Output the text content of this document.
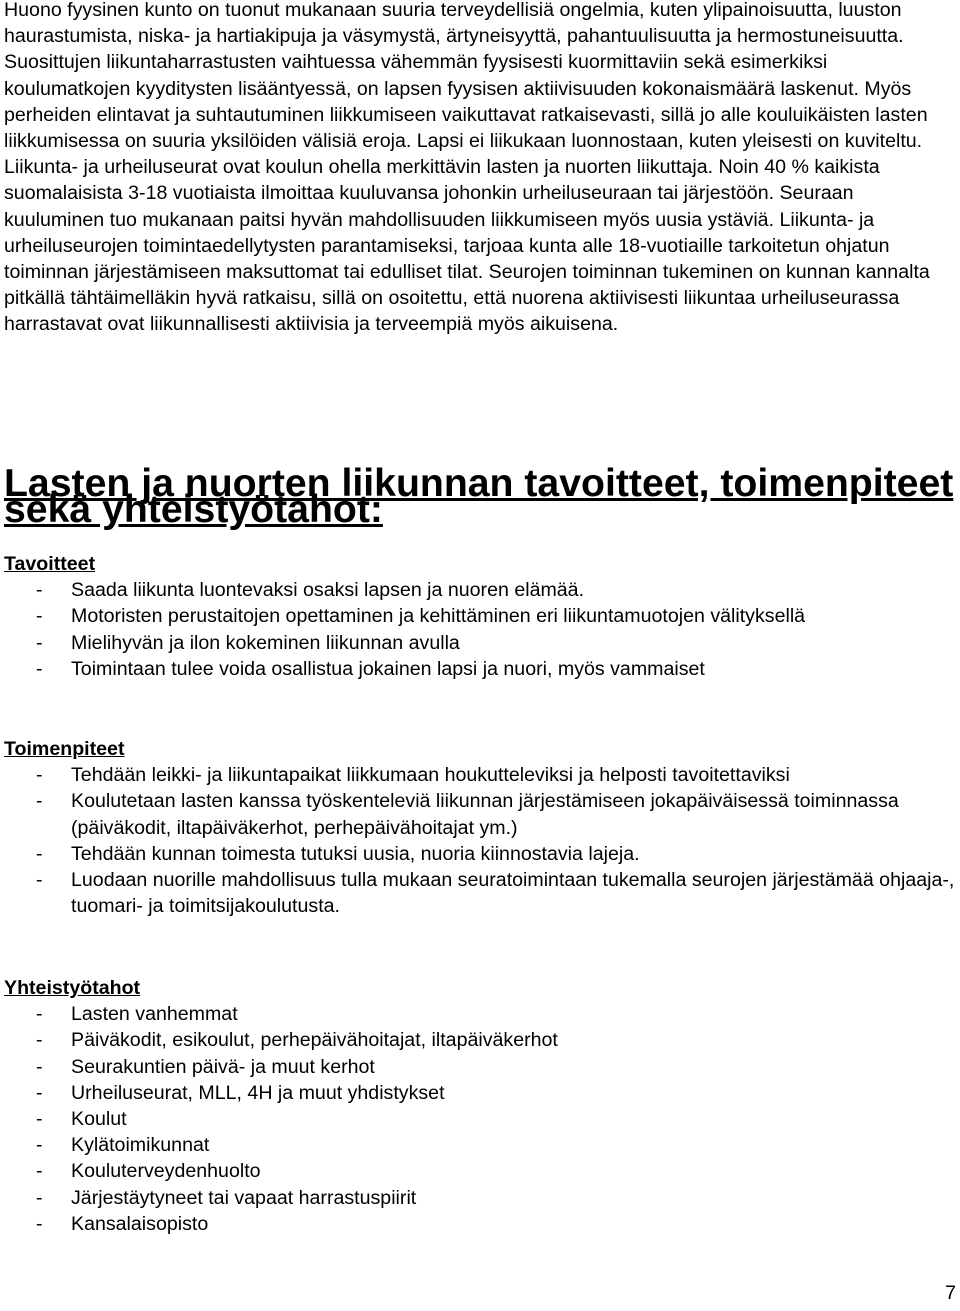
Huono fyysinen kunto on tuonut mukanaan suuria terveydellisiä ongelmia, kuten ylipainoisuutta, luuston haurastumista, niska- ja hartiakipuja ja väsymystä, ärtyneisyyttä, pahantuulisuutta ja hermostuneisuutta. Suosittujen liikuntaharrastusten vaihtuessa vähemmän fyysisesti kuormittaviin sekä esimerkiksi koulumatkojen kyyditysten lisääntyessä, on lapsen fyysisen aktiivisuuden kokonaismäärä laskenut. Myös perheiden elintavat ja suhtautuminen liikkumiseen vaikuttavat ratkaisevasti, sillä jo alle kouluikäisten lasten liikkumisessa on suuria yksilöiden välisiä eroja. Lapsi ei liikukaan luonnostaan, kuten yleisesti on kuviteltu.

Liikunta- ja urheiluseurat ovat koulun ohella merkittävin lasten ja nuorten liikuttaja. Noin 40 % kaikista suomalaisista 3-18 vuotiaista ilmoittaa kuuluvansa johonkin urheiluseuraan tai järjestöön. Seuraan kuuluminen tuo mukanaan paitsi hyvän mahdollisuuden liikkumiseen myös uusia ystäviä. Liikunta- ja urheiluseurojen toimintaedellytysten parantamiseksi, tarjoaa kunta alle 18-vuotiaille tarkoitetun ohjatun toiminnan järjestämiseen maksuttomat tai edulliset tilat. Seurojen toiminnan tukeminen on kunnan kannalta pitkällä tähtäimelläkin hyvä ratkaisu, sillä on osoitettu, että nuorena aktiivisesti liikuntaa urheiluseurassa harrastavat ovat liikunnallisesti aktiivisia ja terveempiä myös aikuisena.

Lasten ja nuorten liikunnan tavoitteet, toimenpiteet sekä yhteistyötahot:
Tavoitteet
- Saada liikunta luontevaksi osaksi lapsen ja nuoren elämää.
- Motoristen perustaitojen opettaminen ja kehittäminen eri liikuntamuotojen välityksellä
- Mielihyvän ja ilon kokeminen liikunnan avulla
- Toimintaan tulee voida osallistua jokainen lapsi ja nuori, myös vammaiset
Toimenpiteet
- Tehdään leikki- ja liikuntapaikat liikkumaan houkutteleviksi ja helposti tavoitettaviksi
- Koulutetaan lasten kanssa työskenteleviä liikunnan järjestämiseen jokapäiväisessä toiminnassa (päiväkodit, iltapäiväkerhot, perhepäivähoitajat ym.)
- Tehdään kunnan toimesta tutuksi uusia, nuoria kiinnostavia lajeja.
- Luodaan nuorille mahdollisuus tulla mukaan seuratoimintaan tukemalla seurojen järjestämää ohjaaja-, tuomari- ja toimitsijakoulutusta.
Yhteistyötahot
- Lasten vanhemmat
- Päiväkodit, esikoulut, perhepäivähoitajat, iltapäiväkerhot
- Seurakuntien päivä- ja muut kerhot
- Urheiluseurat, MLL, 4H ja muut yhdistykset
- Koulut
- Kylätoimikunnat
- Kouluterveydenhuolto
- Järjestäytyneet tai vapaat harrastuspiirit
- Kansalaisopisto
7
